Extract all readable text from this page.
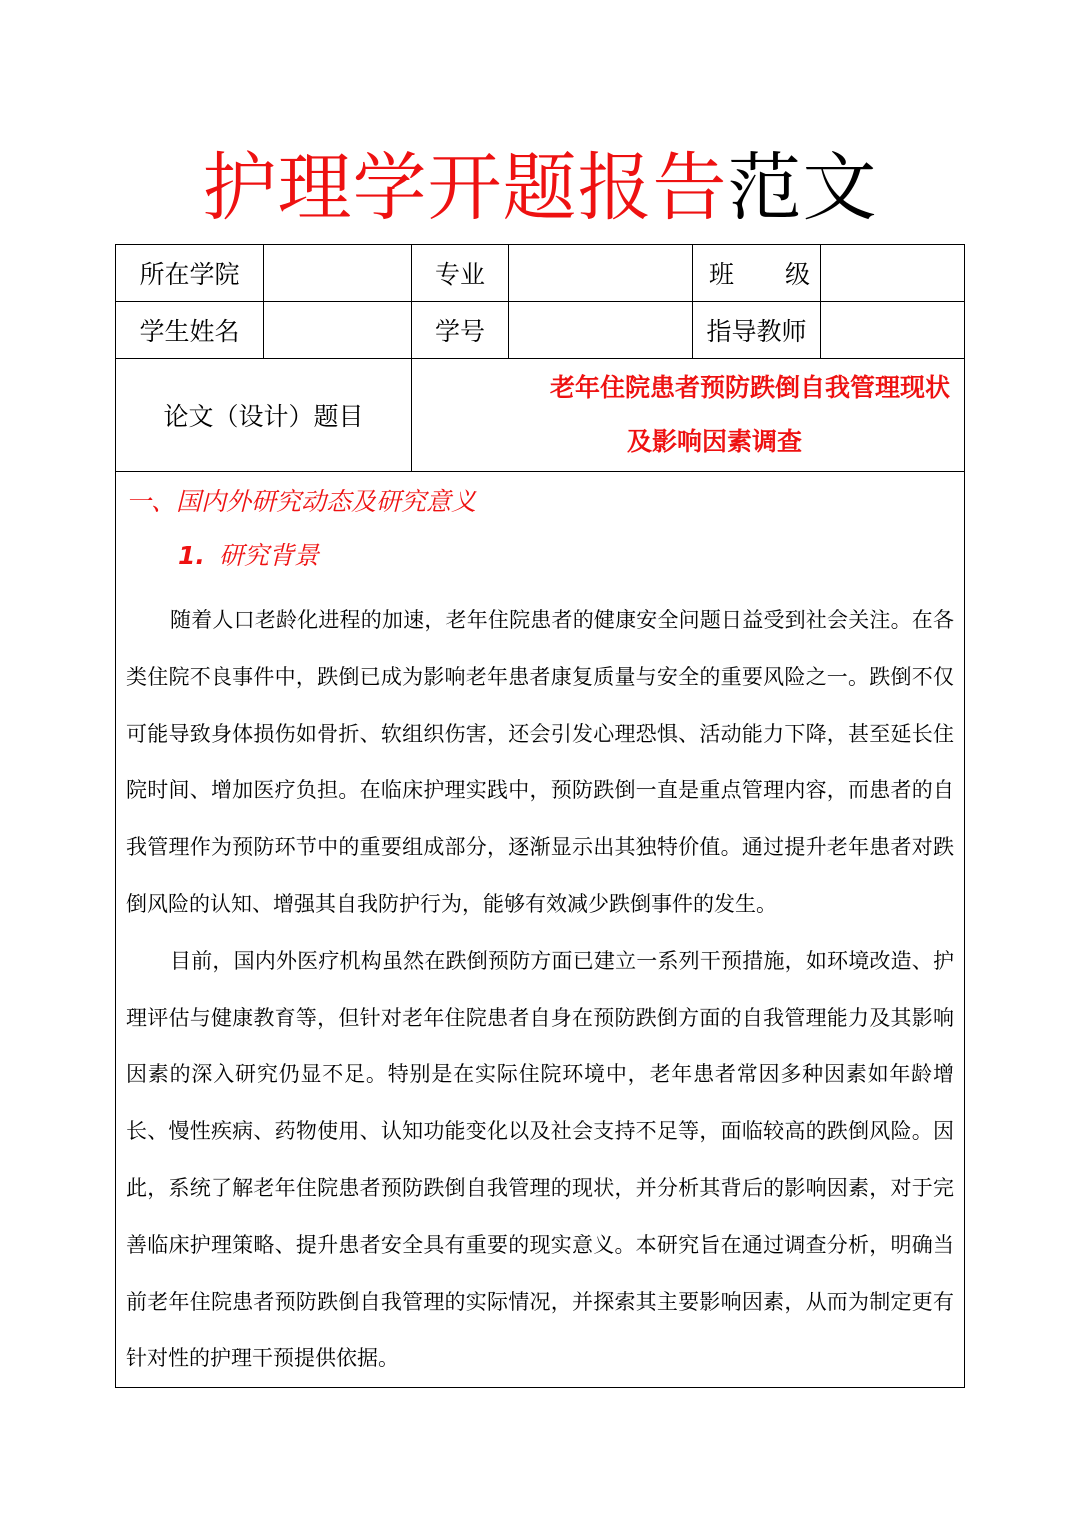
护理学开题报告范文
所在学院		专业		班 级	

学生姓名		学号		指导教师	
论文（设计）题目		老年住院患者预防跌倒自我管理现状
及影响因素调查			

一、国内外研究动态及研究意义
1. 研究背景

随着人口老龄化进程的加速，老年住院患者的健康安全问题日益受到社会关注。在各类住院不良事件中，跌倒已成为影响老年患者康复质量与安全的重要风险之一。跌倒不仅可能导致身体损伤如骨折、软组织伤害，还会引发心理恐惧、活动能力下降，甚至延长住院时间、增加医疗负担。在临床护理实践中，预防跌倒一直是重点管理内容，而患者的自我管理作为预防环节中的重要组成部分，逐渐显示出其独特价值。通过提升老年患者对跌倒风险的认知、增强其自我防护行为，能够有效减少跌倒事件的发生。

目前，国内外医疗机构虽然在跌倒预防方面已建立一系列干预措施，如环境改造、护理评估与健康教育等，但针对老年住院患者自身在预防跌倒方面的自我管理能力及其影响因素的深入研究仍显不足。特别是在实际住院环境中，老年患者常因多种因素如年龄增长、慢性疾病、药物使用、认知功能变化以及社会支持不足等，面临较高的跌倒风险。因此，系统了解老年住院患者预防跌倒自我管理的现状，并分析其背后的影响因素，对于完善临床护理策略、提升患者安全具有重要的现实意义。本研究旨在通过调查分析，明确当前老年住院患者预防跌倒自我管理的实际情况，并探索其主要影响因素，从而为制定更有针对性的护理干预提供依据。					
